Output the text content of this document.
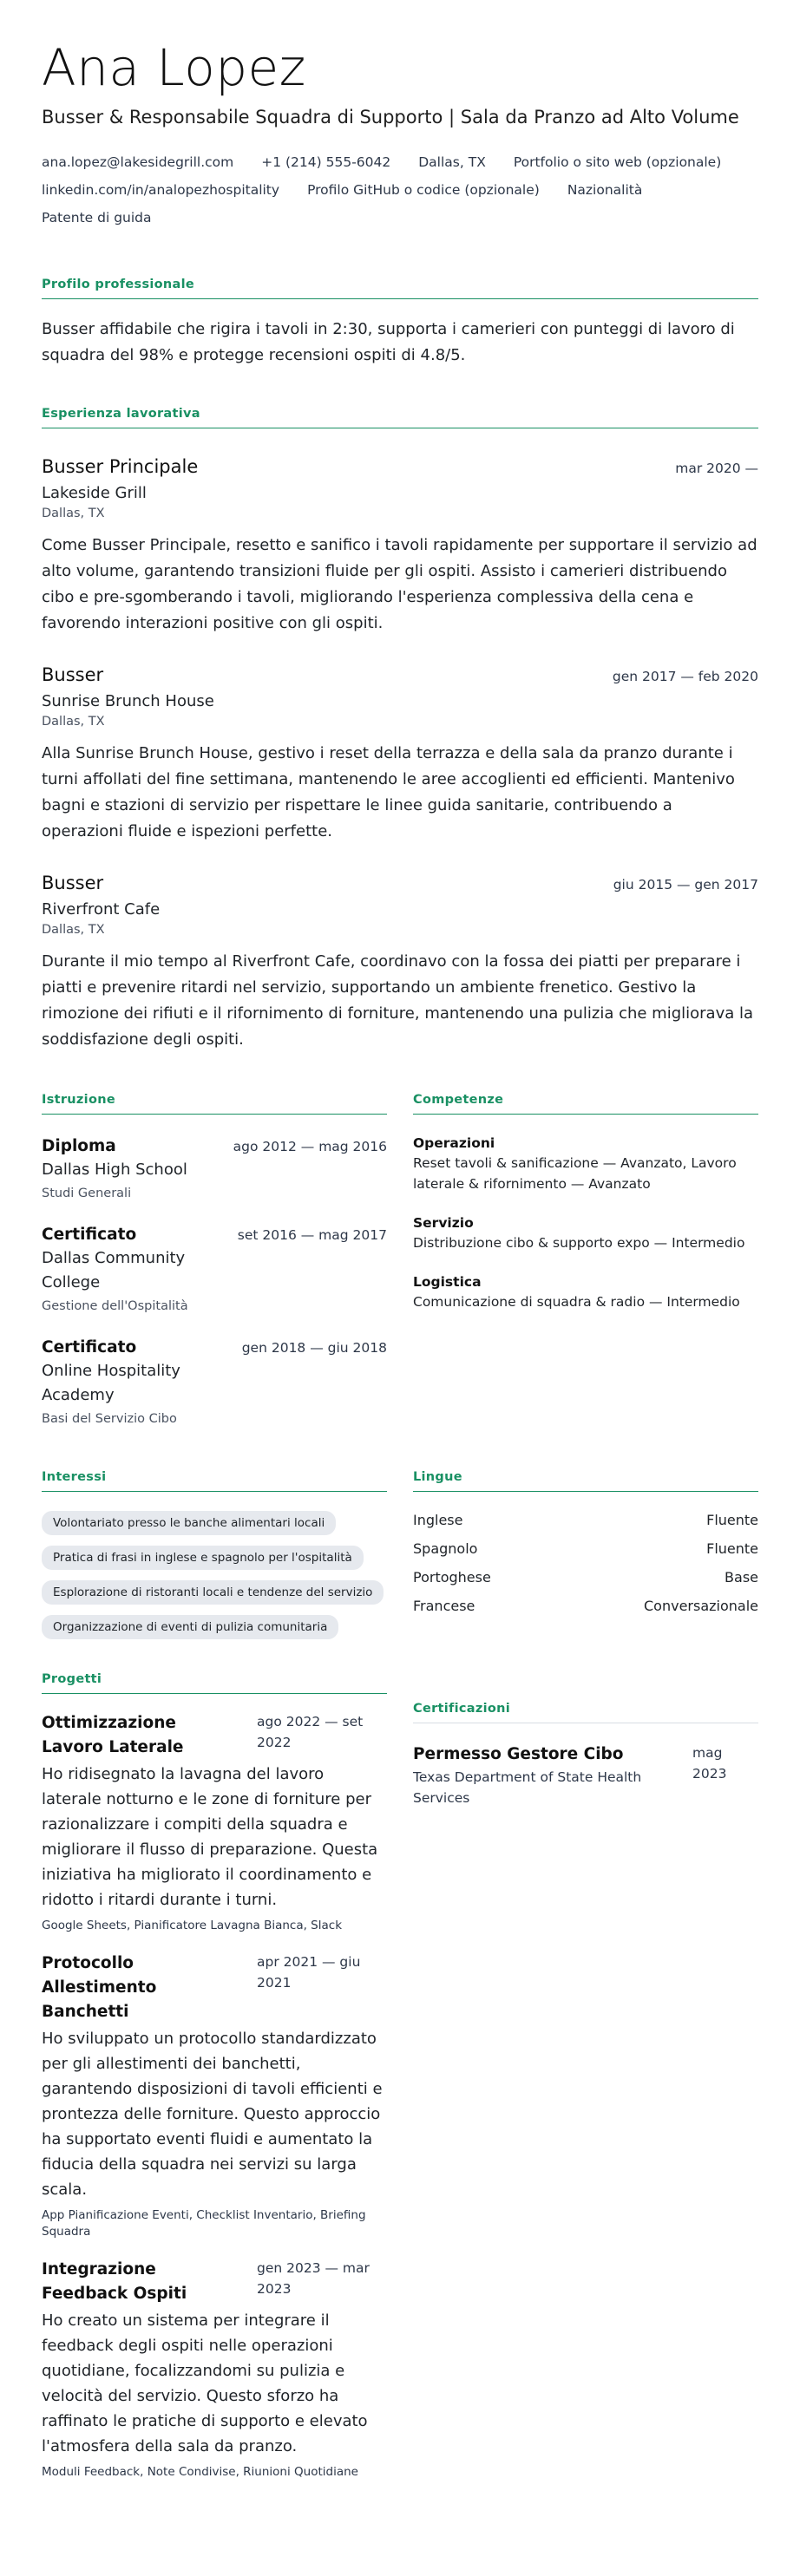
Ana Lopez
Busser & Responsabile Squadra di Supporto | Sala da Pranzo ad Alto Volume
ana.lopez@lakesidegrill.com +1 (214) 555-6042 Dallas, TX Portfolio o sito web (opzionale)
linkedin.com/in/analopezhospitality Profilo GitHub o codice (opzionale) Nazionalità
Patente di guida
Profilo professionale
Busser affidabile che rigira i tavoli in 2:30, supporta i camerieri con punteggi di lavoro di squadra del 98% e protegge recensioni ospiti di 4.8/5.
Esperienza lavorativa
Busser Principale	mar 2020 —
Lakeside Grill
Dallas, TX
Come Busser Principale, resetto e sanifico i tavoli rapidamente per supportare il servizio ad alto volume, garantendo transizioni fluide per gli ospiti. Assisto i camerieri distribuendo cibo e pre-sgomberando i tavoli, migliorando l'esperienza complessiva della cena e favorendo interazioni positive con gli ospiti.
Busser	gen 2017 — feb 2020
Sunrise Brunch House
Dallas, TX
Alla Sunrise Brunch House, gestivo i reset della terrazza e della sala da pranzo durante i turni affollati del fine settimana, mantenendo le aree accoglienti ed efficienti. Mantenivo bagni e stazioni di servizio per rispettare le linee guida sanitarie, contribuendo a operazioni fluide e ispezioni perfette.
Busser	giu 2015 — gen 2017
Riverfront Cafe
Dallas, TX
Durante il mio tempo al Riverfront Cafe, coordinavo con la fossa dei piatti per preparare i piatti e prevenire ritardi nel servizio, supportando un ambiente frenetico. Gestivo la rimozione dei rifiuti e il rifornimento di forniture, mantenendo una pulizia che migliorava la soddisfazione degli ospiti.
Istruzione
Diploma
Dallas High School
ago 2012 — mag 2016
Studi Generali
Certificato
Dallas Community College
set 2016 — mag 2017
Gestione dell'Ospitalità
Certificato
Online Hospitality Academy
gen 2018 — giu 2018
Basi del Servizio Cibo
Competenze
Operazioni
Reset tavoli & sanificazione — Avanzato, Lavoro laterale & rifornimento — Avanzato
Servizio
Distribuzione cibo & supporto expo — Intermedio
Logistica
Comunicazione di squadra & radio — Intermedio
Interessi
Volontariato presso le banche alimentari locali
Pratica di frasi in inglese e spagnolo per l'ospitalità
Esplorazione di ristoranti locali e tendenze del servizio
Organizzazione di eventi di pulizia comunitaria
Lingue
Inglese	Fluente
Spagnolo	Fluente
Portoghese	Base
Francese	Conversazionale
Progetti
Ottimizzazione Lavoro Laterale
ago 2022 — set 2022
Ho ridisegnato la lavagna del lavoro laterale notturno e le zone di forniture per razionalizzare i compiti della squadra e migliorare il flusso di preparazione. Questa iniziativa ha migliorato il coordinamento e ridotto i ritardi durante i turni.
Google Sheets, Pianificatore Lavagna Bianca, Slack
Protocollo Allestimento Banchetti
apr 2021 — giu 2021
Ho sviluppato un protocollo standardizzato per gli allestimenti dei banchetti, garantendo disposizioni di tavoli efficienti e prontezza delle forniture. Questo approccio ha supportato eventi fluidi e aumentato la fiducia della squadra nei servizi su larga scala.
App Pianificazione Eventi, Checklist Inventario, Briefing Squadra
Integrazione Feedback Ospiti
gen 2023 — mar 2023
Ho creato un sistema per integrare il feedback degli ospiti nelle operazioni quotidiane, focalizzandomi su pulizia e velocità del servizio. Questo sforzo ha raffinato le pratiche di supporto e elevato l'atmosfera della sala da pranzo.
Moduli Feedback, Note Condivise, Riunioni Quotidiane
Certificazioni
Permesso Gestore Cibo
Texas Department of State Health Services
mag 2023
